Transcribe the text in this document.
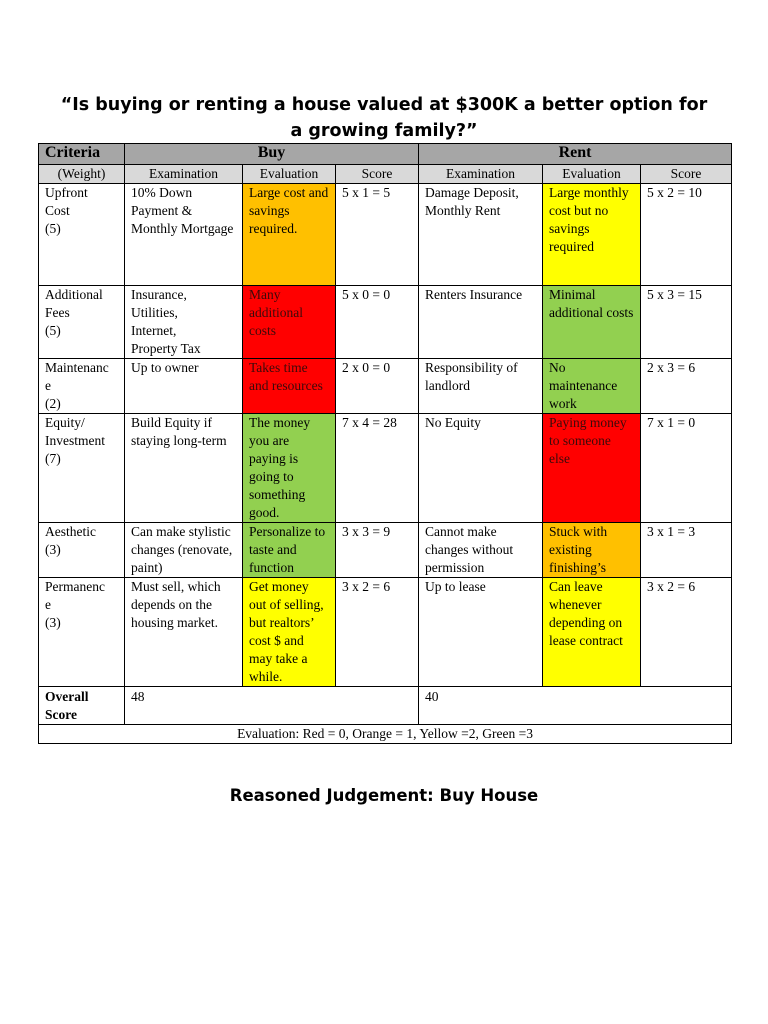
“Is buying or renting a house valued at $300K a better option for a growing family?”
Criteria	Buy			Rent		
(Weight)	Examination	Evaluation	Score	Examination	Evaluation	Score
Upfront
Cost
(5)	10% Down Payment & Monthly Mortgage	Large cost and savings required.	5 x 1 = 5	Damage Deposit, Monthly Rent	Large monthly cost but no savings required	5 x 2 = 10
Additional
Fees
(5)	Insurance,
Utilities,
Internet,
Property Tax	Many additional costs	5 x 0 = 0	Renters Insurance	Minimal additional costs	5 x 3 = 15
Maintenanc
e
(2)	Up to owner	Takes time and resources	2 x 0 = 0	Responsibility of landlord	No maintenance work	2 x 3 = 6
Equity/
Investment
(7)	Build Equity if staying long-term	The money you are paying is going to something good.	7 x 4 = 28	No Equity	Paying money to someone else	7 x 1 = 0
Aesthetic
(3)	Can make stylistic changes (renovate, paint)	Personalize to taste and function	3 x 3 = 9	Cannot make changes without permission	Stuck with existing finishing’s	3 x 1 = 3
Permanenc
e
(3)	Must sell, which depends on the housing market.	Get money out of selling, but realtors’ cost $ and may take a while.	3 x 2 = 6	Up to lease	Can leave whenever depending on lease contract	3 x 2 = 6
Overall Score	48			40		
Evaluation: Red = 0, Orange = 1, Yellow =2, Green =3						

Reasoned Judgement: Buy House
